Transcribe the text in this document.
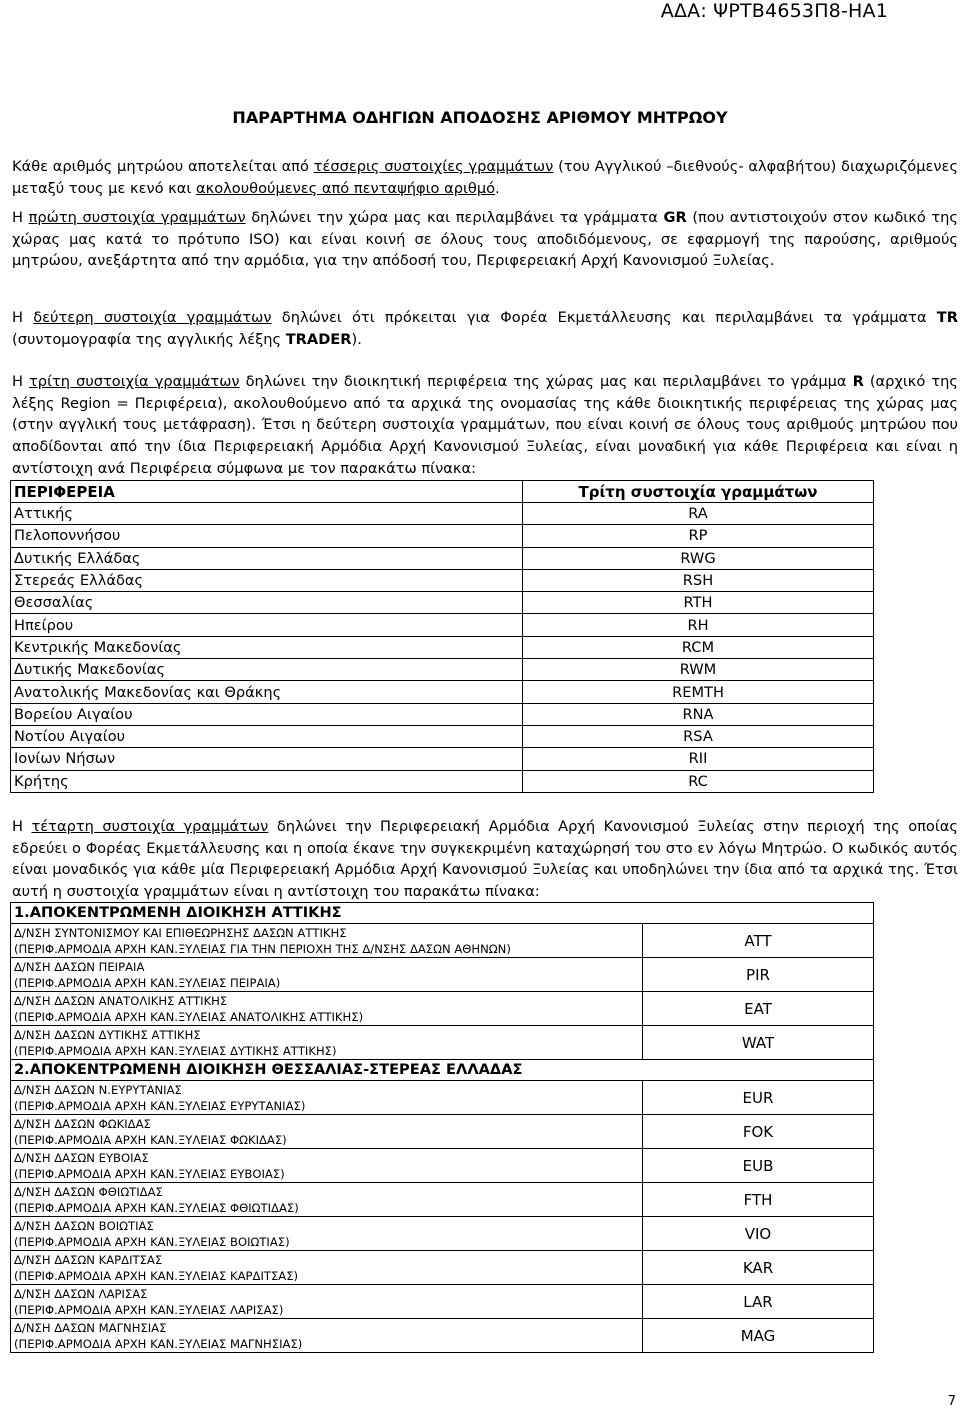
ΑΔΑ: ΨΡΤΒ4653Π8-ΗΑ1
ΠΑΡΑΡΤΗΜΑ ΟΔΗΓΙΩΝ ΑΠΟΔΟΣΗΣ ΑΡΙΘΜΟΥ ΜΗΤΡΩΟΥ
Κάθε αριθμός μητρώου αποτελείται από τέσσερις συστοιχίες γραμμάτων (του Αγγλικού –διεθνούς- αλφαβήτου) διαχωριζόμενες μεταξύ τους με κενό και ακολουθούμενες από πενταψήφιο αριθμό.
Η πρώτη συστοιχία γραμμάτων δηλώνει την χώρα μας και περιλαμβάνει τα γράμματα GR (που αντιστοιχούν στον κωδικό της χώρας μας κατά το πρότυπο ISO) και είναι κοινή σε όλους τους αποδιδόμενους, σε εφαρμογή της παρούσης, αριθμούς μητρώου, ανεξάρτητα από την αρμόδια, για την απόδοσή του, Περιφερειακή Αρχή Κανονισμού Ξυλείας.
Η δεύτερη συστοιχία γραμμάτων δηλώνει ότι πρόκειται για Φορέα Εκμετάλλευσης και περιλαμβάνει τα γράμματα TR (συντομογραφία της αγγλικής λέξης TRADER).
Η τρίτη συστοιχία γραμμάτων δηλώνει την διοικητική περιφέρεια της χώρας μας και περιλαμβάνει το γράμμα R (αρχικό της λέξης Region = Περιφέρεια), ακολουθούμενο από τα αρχικά της ονομασίας της κάθε διοικητικής περιφέρειας της χώρας μας (στην αγγλική τους μετάφραση). Έτσι η δεύτερη συστοιχία γραμμάτων, που είναι κοινή σε όλους τους αριθμούς μητρώου που αποδίδονται από την ίδια Περιφερειακή Αρμόδια Αρχή Κανονισμού Ξυλείας, είναι μοναδική για κάθε Περιφέρεια και είναι η αντίστοιχη ανά Περιφέρεια σύμφωνα με τον παρακάτω πίνακα:
ΠΕΡΙΦΕΡΕΙΑ	Τρίτη συστοιχία γραμμάτων
Αττικής	RA
Πελοποννήσου	RP
Δυτικής Ελλάδας	RWG
Στερεάς Ελλάδας	RSH
Θεσσαλίας	RTH
Ηπείρου	RH
Κεντρικής Μακεδονίας	RCM
Δυτικής Μακεδονίας	RWM
Ανατολικής Μακεδονίας και Θράκης	REMTH
Βορείου Αιγαίου	RNA
Νοτίου Αιγαίου	RSA
Ιονίων Νήσων	RII
Κρήτης	RC
Η τέταρτη συστοιχία γραμμάτων δηλώνει την Περιφερειακή Αρμόδια Αρχή Κανονισμού Ξυλείας στην περιοχή της οποίας εδρεύει ο Φορέας Εκμετάλλευσης και η οποία έκανε την συγκεκριμένη καταχώρησή του στο εν λόγω Μητρώο. Ο κωδικός αυτός είναι μοναδικός για κάθε μία Περιφερειακή Αρμόδια Αρχή Κανονισμού Ξυλείας και υποδηλώνει την ίδια από τα αρχικά της. Έτσι αυτή η συστοιχία γραμμάτων είναι η αντίστοιχη του παρακάτω πίνακα:
1.ΑΠΟΚΕΝΤΡΩΜΕΝΗ ΔΙΟΙΚΗΣΗ ΑΤΤΙΚΗΣ	

Δ/ΝΣΗ ΣΥΝΤΟΝΙΣΜΟΥ ΚΑΙ ΕΠΙΘΕΩΡΗΣΗΣ ΔΑΣΩΝ ΑΤΤΙΚΗΣ
(ΠΕΡΙΦ.ΑΡΜΟΔΙΑ ΑΡΧΗ ΚΑΝ.ΞΥΛΕΙΑΣ ΓΙΑ ΤΗΝ ΠΕΡΙΟΧΗ ΤΗΣ Δ/ΝΣΗΣ ΔΑΣΩΝ ΑΘΗΝΩΝ)	ATT

Δ/ΝΣΗ ΔΑΣΩΝ ΠΕΙΡΑΙΑ
(ΠΕΡΙΦ.ΑΡΜΟΔΙΑ ΑΡΧΗ ΚΑΝ.ΞΥΛΕΙΑΣ ΠΕΙΡΑΙΑ)	PIR

Δ/ΝΣΗ ΔΑΣΩΝ ΑΝΑΤΟΛΙΚΗΣ ΑΤΤΙΚΗΣ
(ΠΕΡΙΦ.ΑΡΜΟΔΙΑ ΑΡΧΗ ΚΑΝ.ΞΥΛΕΙΑΣ ΑΝΑΤΟΛΙΚΗΣ ΑΤΤΙΚΗΣ)	EAT

Δ/ΝΣΗ ΔΑΣΩΝ ΔΥΤΙΚΗΣ ΑΤΤΙΚΗΣ
(ΠΕΡΙΦ.ΑΡΜΟΔΙΑ ΑΡΧΗ ΚΑΝ.ΞΥΛΕΙΑΣ ΔΥΤΙΚΗΣ ΑΤΤΙΚΗΣ)	WAT
2.ΑΠΟΚΕΝΤΡΩΜΕΝΗ ΔΙΟΙΚΗΣΗ ΘΕΣΣΑΛΙΑΣ-ΣΤΕΡΕΑΣ ΕΛΛΑΔΑΣ	

Δ/ΝΣΗ ΔΑΣΩΝ Ν.ΕΥΡΥΤΑΝΙΑΣ
(ΠΕΡΙΦ.ΑΡΜΟΔΙΑ ΑΡΧΗ ΚΑΝ.ΞΥΛΕΙΑΣ ΕΥΡΥΤΑΝΙΑΣ)	EUR

Δ/ΝΣΗ ΔΑΣΩΝ ΦΩΚΙΔΑΣ
(ΠΕΡΙΦ.ΑΡΜΟΔΙΑ ΑΡΧΗ ΚΑΝ.ΞΥΛΕΙΑΣ ΦΩΚΙΔΑΣ)	FOK

Δ/ΝΣΗ ΔΑΣΩΝ ΕΥΒΟΙΑΣ
(ΠΕΡΙΦ.ΑΡΜΟΔΙΑ ΑΡΧΗ ΚΑΝ.ΞΥΛΕΙΑΣ ΕΥΒΟΙΑΣ)	EUB

Δ/ΝΣΗ ΔΑΣΩΝ ΦΘΙΩΤΙΔΑΣ
(ΠΕΡΙΦ.ΑΡΜΟΔΙΑ ΑΡΧΗ ΚΑΝ.ΞΥΛΕΙΑΣ ΦΘΙΩΤΙΔΑΣ)	FTH

Δ/ΝΣΗ ΔΑΣΩΝ ΒΟΙΩΤΙΑΣ
(ΠΕΡΙΦ.ΑΡΜΟΔΙΑ ΑΡΧΗ ΚΑΝ.ΞΥΛΕΙΑΣ ΒΟΙΩΤΙΑΣ)	VIO

Δ/ΝΣΗ ΔΑΣΩΝ ΚΑΡΔΙΤΣΑΣ
(ΠΕΡΙΦ.ΑΡΜΟΔΙΑ ΑΡΧΗ ΚΑΝ.ΞΥΛΕΙΑΣ ΚΑΡΔΙΤΣΑΣ)	KAR

Δ/ΝΣΗ ΔΑΣΩΝ ΛΑΡΙΣΑΣ
(ΠΕΡΙΦ.ΑΡΜΟΔΙΑ ΑΡΧΗ ΚΑΝ.ΞΥΛΕΙΑΣ ΛΑΡΙΣΑΣ)	LAR

Δ/ΝΣΗ ΔΑΣΩΝ ΜΑΓΝΗΣΙΑΣ
(ΠΕΡΙΦ.ΑΡΜΟΔΙΑ ΑΡΧΗ ΚΑΝ.ΞΥΛΕΙΑΣ ΜΑΓΝΗΣΙΑΣ)	MAG
7
